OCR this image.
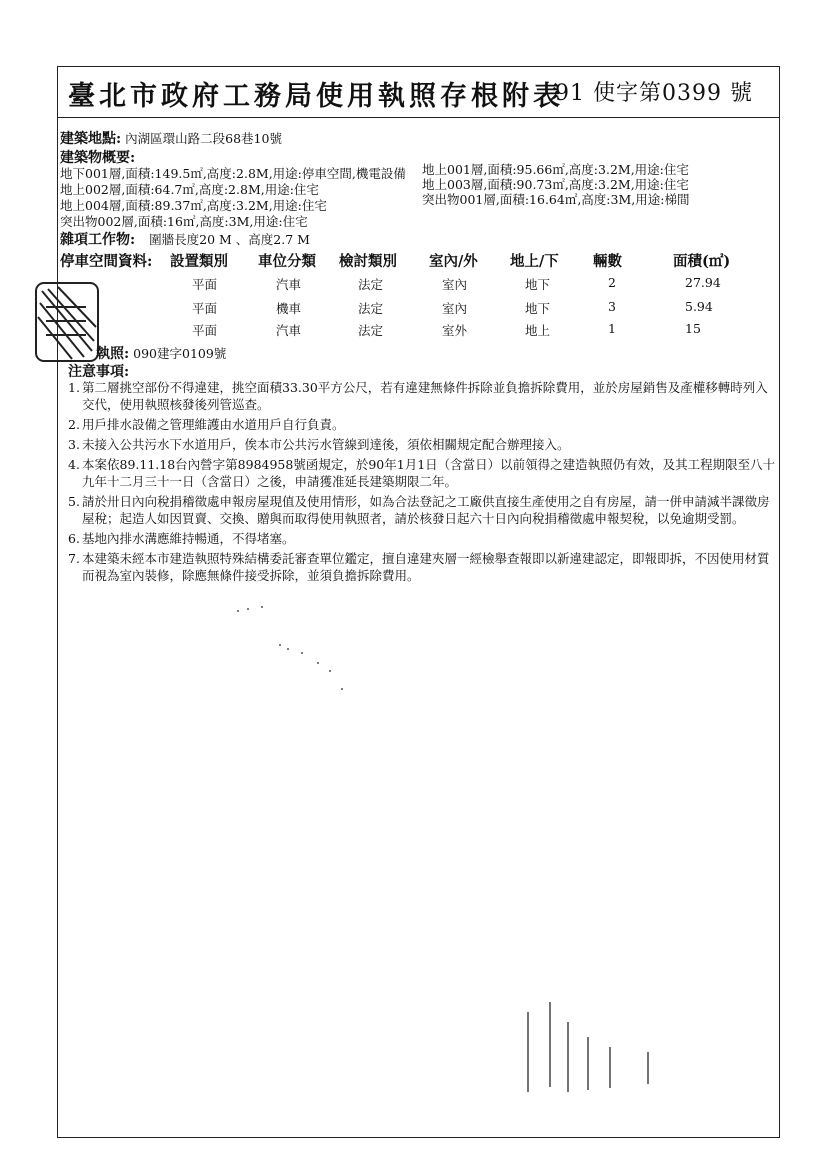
臺北市政府工務局使用執照存根附表
91 使字第0399 號
建築地點: 內湖區環山路二段68巷10號
建築物概要:
地下001層,面積:149.5㎡,高度:2.8M,用途:停車空間,機電設備 地上001層,面積:95.66㎡,高度:3.2M,用途:住宅
地上002層,面積:64.7㎡,高度:2.8M,用途:住宅	地上003層,面積:90.73㎡,高度:3.2M,用途:住宅
地上004層,面積:89.37㎡,高度:3.2M,用途:住宅	突出物001層,面積:16.64㎡,高度:3M,用途:梯間
突出物002層,面積:16㎡,高度:3M,用途:住宅
雜項工作物: 圍牆長度20 M 、高度2.7 M
停車空間資料: 設置類別 車位分類 檢討類別 室內/外 地上/下 輛數	面積(㎡)
平面	汽車	法定	室內	地下	2	27.94
平面	機車	法定	室內	地下	3	5.94
平面	汽車	法定	室外	地上	1	15
執照: 090建字0109號
注意事項:
1. 第二層挑空部份不得違建，挑空面積33.30平方公尺，若有違建無條件拆除並負擔拆除費用，並於房屋銷售及產權移轉時列入交代，使用執照核發後列管巡查。
2. 用戶排水設備之管理維護由水道用戶自行負責。
3. 未接入公共污水下水道用戶，俟本市公共污水管線到達後，須依相關規定配合辦理接入。
4. 本案依89.11.18台內營字第8984958號函規定，於90年1月1日（含當日）以前領得之建造執照仍有效，及其工程期限至八十九年十二月三十一日（含當日）之後，申請獲准延長建築期限二年。
5. 請於卅日內向稅捐稽徵處申報房屋現值及使用情形，如為合法登記之工廠供直接生產使用之自有房屋，請一併申請減半課徵房屋稅；起造人如因買賣、交換、贈與而取得使用執照者，請於核發日起六十日內向稅捐稽徵處申報契稅，以免逾期受罰。
6. 基地內排水溝應維持暢通，不得堵塞。
7. 本建築未經本市建造執照特殊結構委託審查單位鑑定，擅自違建夾層一經檢舉查報即以新違建認定，即報即拆，不因使用材質而視為室內裝修，除應無條件接受拆除，並須負擔拆除費用。
